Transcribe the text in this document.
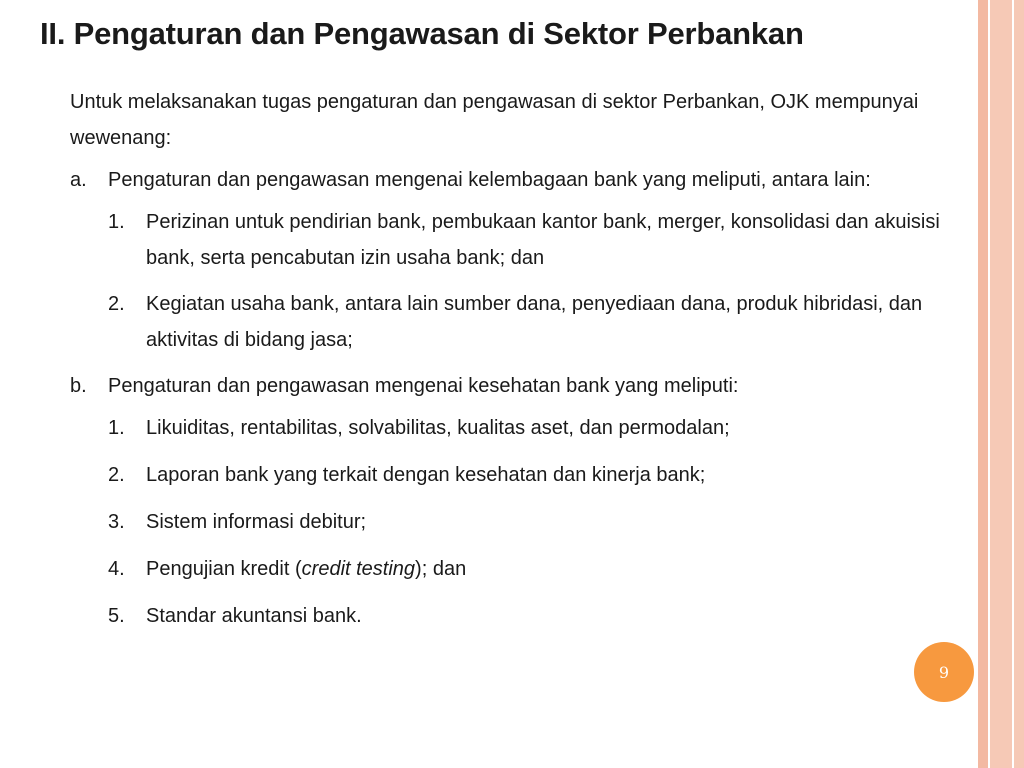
II. Pengaturan dan Pengawasan di Sektor Perbankan

Untuk melaksanakan tugas pengaturan dan pengawasan di sektor Perbankan, OJK mempunyai wewenang:

a.	Pengaturan dan pengawasan mengenai kelembagaan bank yang meliputi, antara lain:
1.	Perizinan untuk pendirian bank, pembukaan kantor bank, merger, konsolidasi dan akuisisi bank, serta pencabutan izin usaha bank; dan
2.	Kegiatan usaha bank, antara lain sumber dana, penyediaan dana, produk hibridasi, dan aktivitas di bidang jasa;
b.	Pengaturan dan pengawasan mengenai kesehatan bank yang meliputi:
1.	Likuiditas, rentabilitas, solvabilitas, kualitas aset, dan permodalan;
2.	Laporan bank yang terkait dengan kesehatan dan kinerja bank;
3.	Sistem informasi debitur;
4.	Pengujian kredit (credit testing); dan
5.	Standar akuntansi bank.
9
